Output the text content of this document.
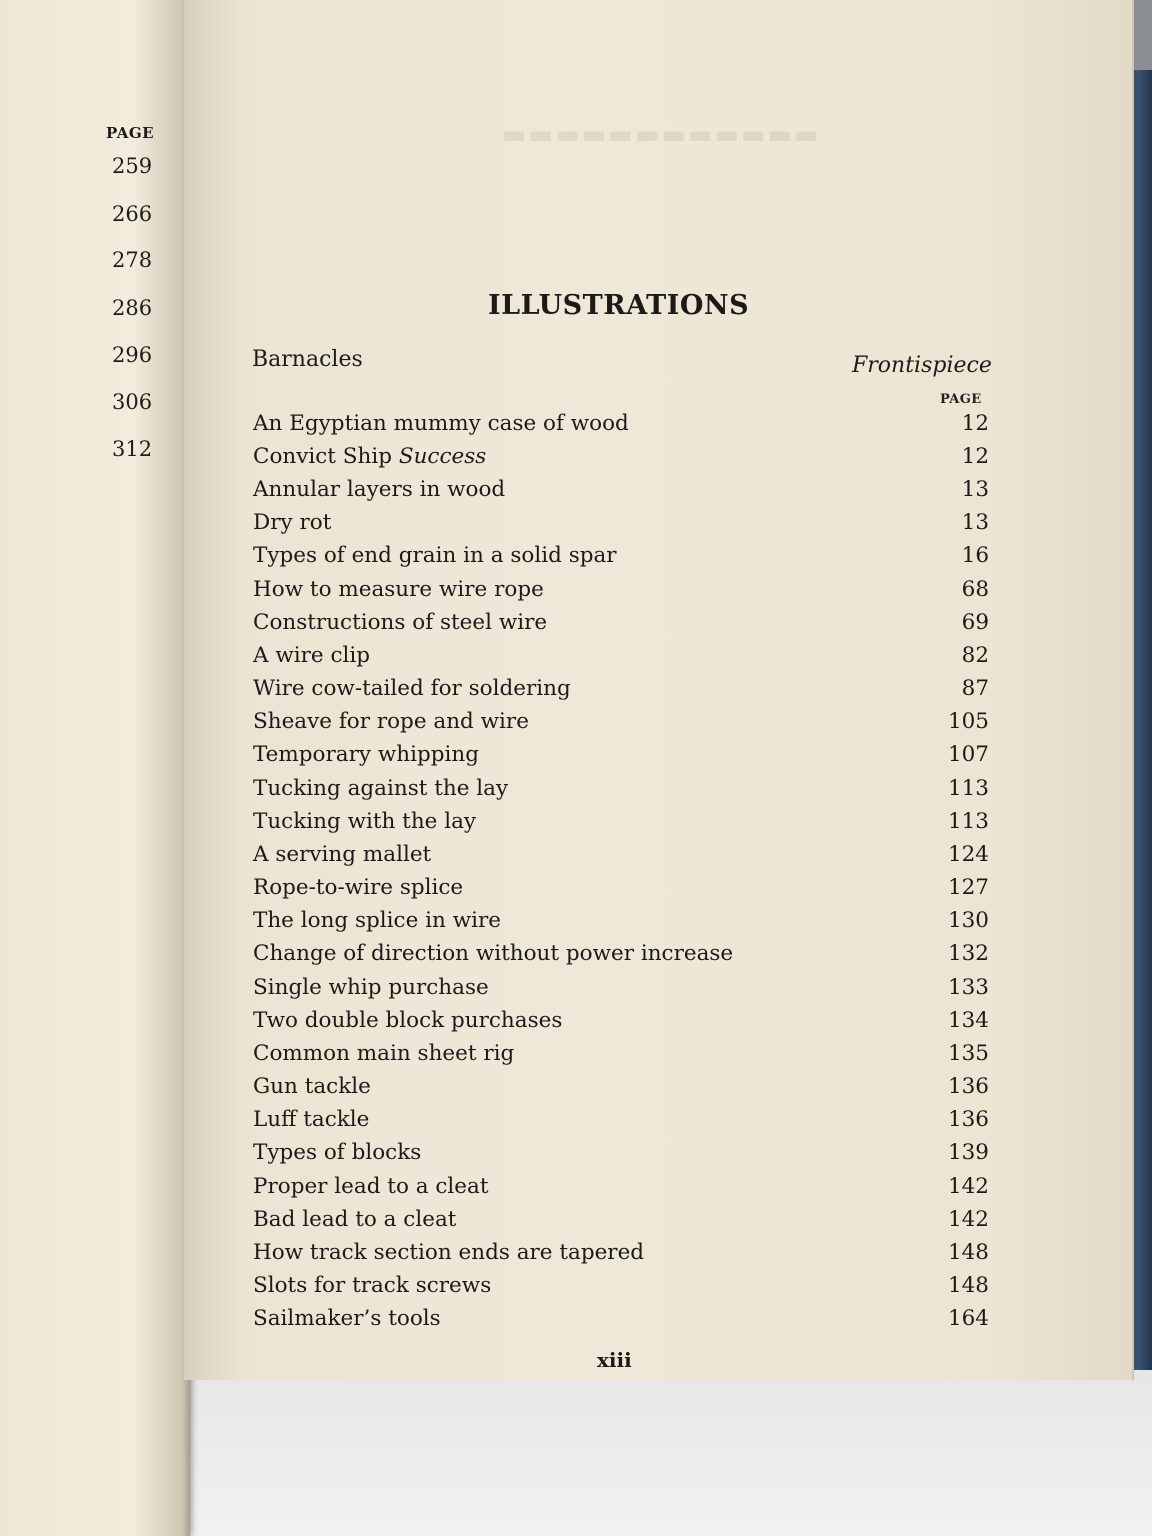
PAGE
259
266
278
286
296
306
312
▬▬▬▬▬▬▬▬▬▬▬▬
ILLUSTRATIONS
Barnacles	Frontispiece
PAGE
An Egyptian mummy case of wood	12
Convict Ship Success	12
Annular layers in wood	13
Dry rot	13
Types of end grain in a solid spar	16
How to measure wire rope	68
Constructions of steel wire	69
A wire clip	82
Wire cow-tailed for soldering	87
Sheave for rope and wire	105
Temporary whipping	107
Tucking against the lay	113
Tucking with the lay	113
A serving mallet	124
Rope-to-wire splice	127
The long splice in wire	130
Change of direction without power increase	132
Single whip purchase	133
Two double block purchases	134
Common main sheet rig	135
Gun tackle	136
Luff tackle	136
Types of blocks	139
Proper lead to a cleat	142
Bad lead to a cleat	142
How track section ends are tapered	148
Slots for track screws	148
Sailmaker’s tools	164
xiii
